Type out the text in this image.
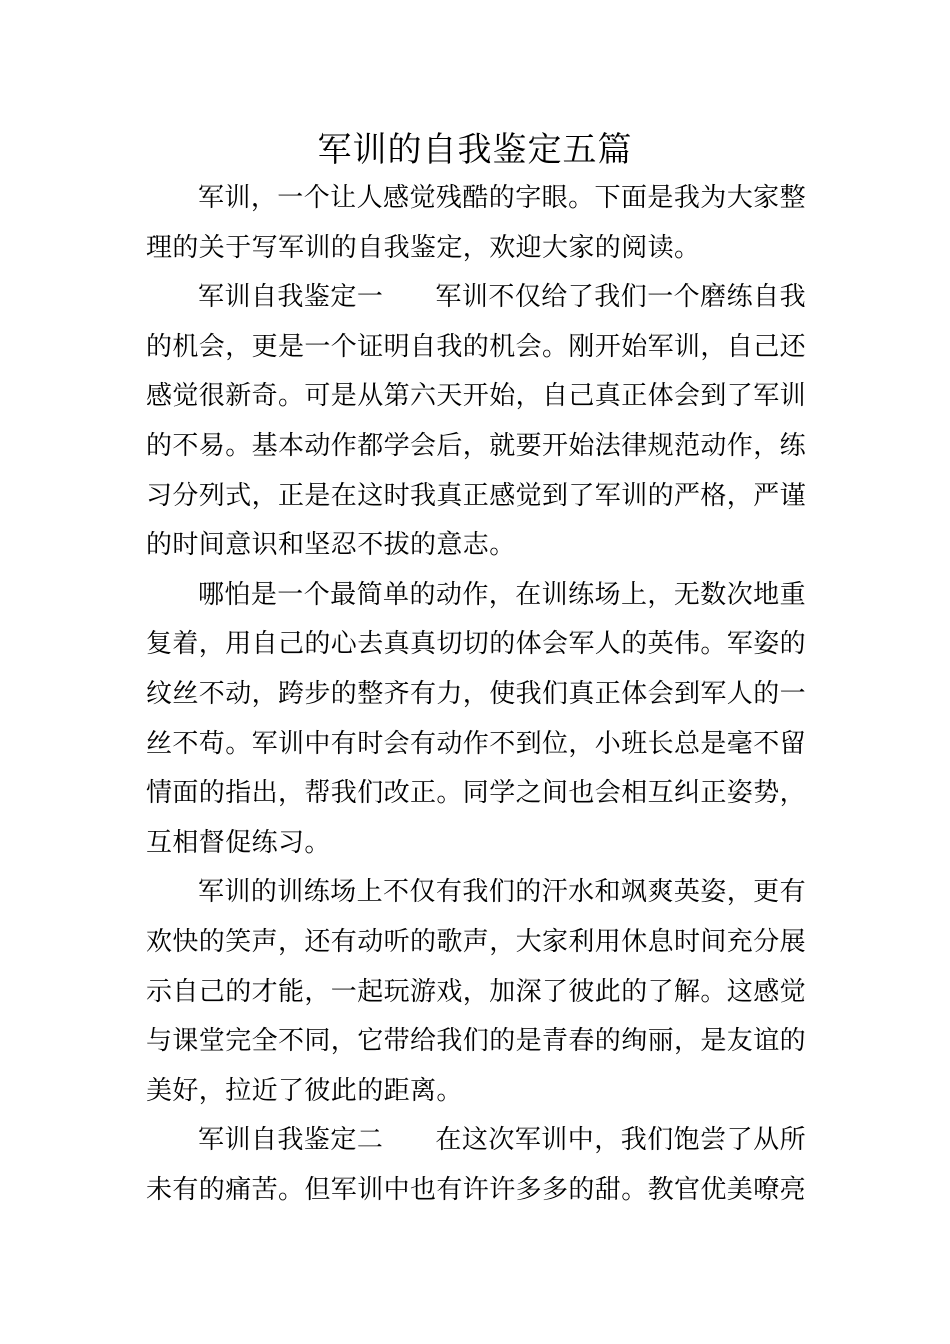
军训的自我鉴定五篇

军训，一个让人感觉残酷的字眼。下面是我为大家整理的关于写军训的自我鉴定，欢迎大家的阅读。

军训自我鉴定一 军训不仅给了我们一个磨练自我的机会，更是一个证明自我的机会。刚开始军训，自己还感觉很新奇。可是从第六天开始，自己真正体会到了军训的不易。基本动作都学会后，就要开始法律规范动作，练习分列式，正是在这时我真正感觉到了军训的严格，严谨的时间意识和坚忍不拔的意志。

哪怕是一个最简单的动作，在训练场上，无数次地重复着，用自己的心去真真切切的体会军人的英伟。军姿的纹丝不动，跨步的整齐有力，使我们真正体会到军人的一丝不苟。军训中有时会有动作不到位，小班长总是毫不留情面的指出，帮我们改正。同学之间也会相互纠正姿势，互相督促练习。

军训的训练场上不仅有我们的汗水和飒爽英姿，更有欢快的笑声，还有动听的歌声，大家利用休息时间充分展示自己的才能，一起玩游戏，加深了彼此的了解。这感觉与课堂完全不同，它带给我们的是青春的绚丽，是友谊的美好，拉近了彼此的距离。

军训自我鉴定二 在这次军训中，我们饱尝了从所未有的痛苦。但军训中也有许许多多的甜。教官优美嘹亮
